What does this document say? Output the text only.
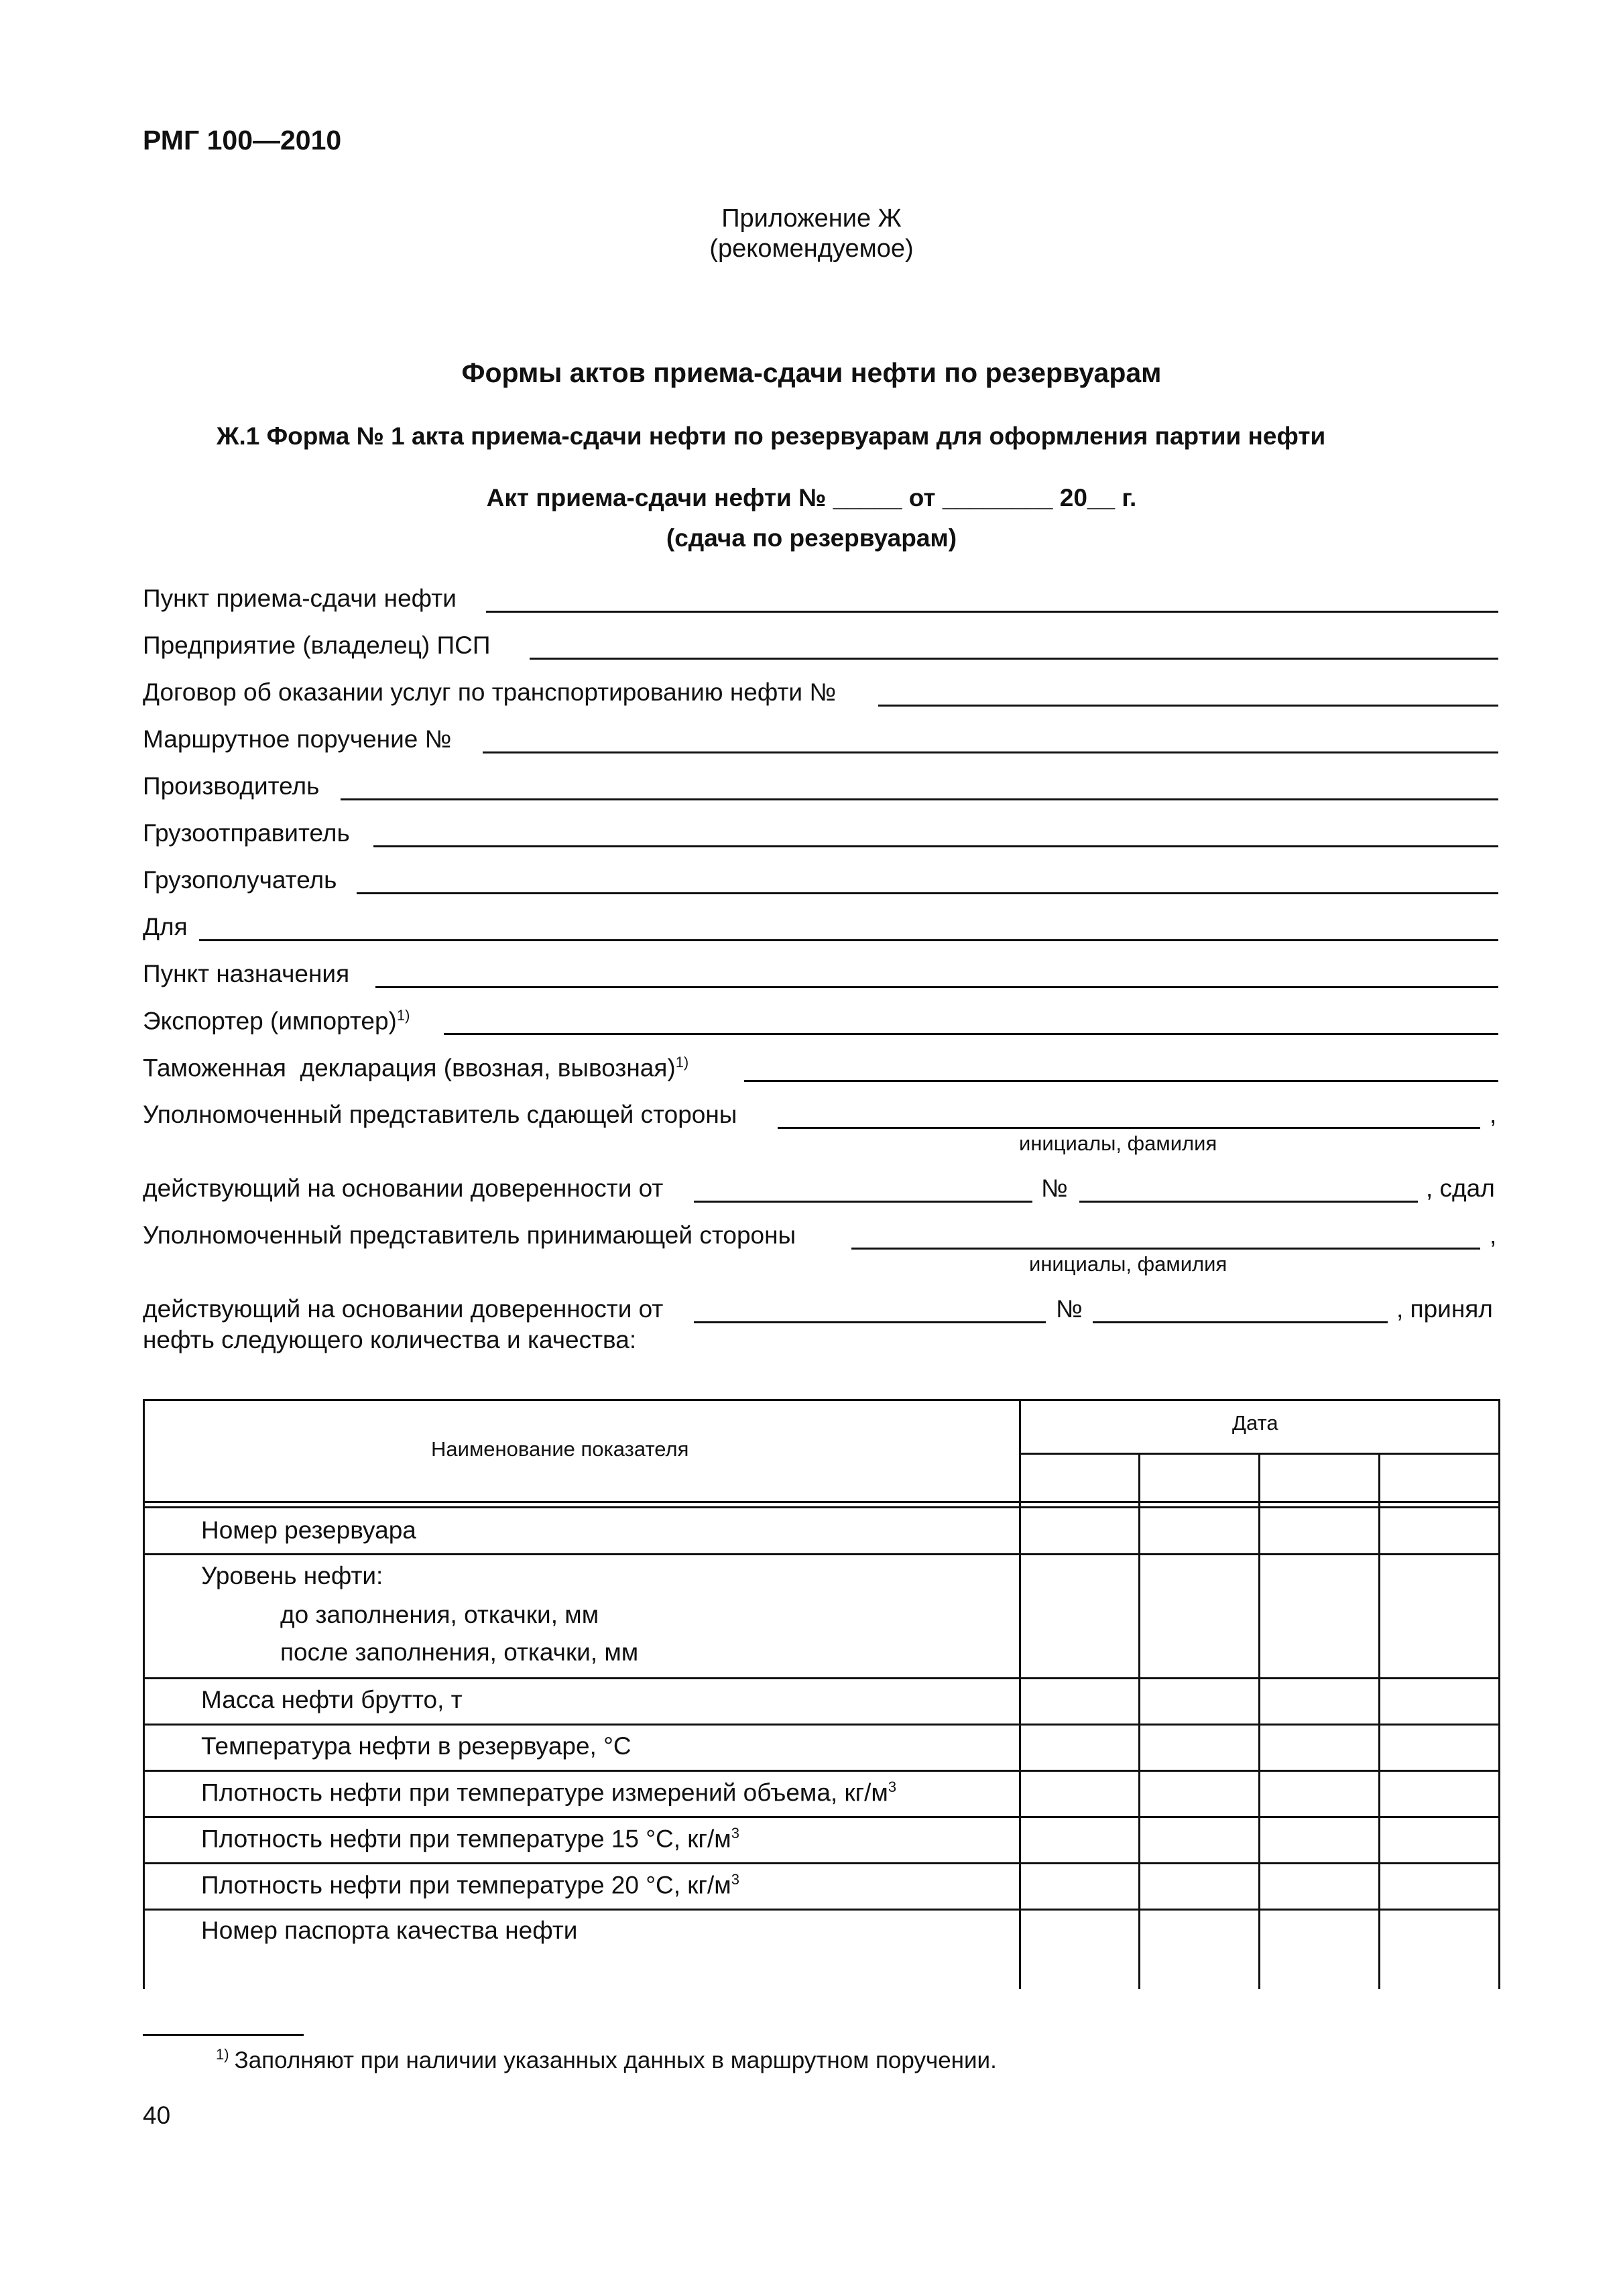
РМГ 100—2010
Приложение Ж
(рекомендуемое)
Формы актов приема-сдачи нефти по резервуарам
Ж.1 Форма № 1 акта приема-сдачи нефти по резервуарам для оформления партии нефти
Акт приема-сдачи нефти № _____ от ________ 20__ г.
(сдача по резервуарам)
Пункт приема-сдачи нефти
Предприятие (владелец) ПСП
Договор об оказании услуг по транспортированию нефти №
Маршрутное поручение №
Производитель
Грузоотправитель
Грузополучатель
Для
Пункт назначения
Экспортер (импортер)$^{1)}$
Таможенная  декларация (ввозная, вывозная)$^{1)}$
Уполномоченный представитель сдающей стороны	,
инициалы, фамилия
действующий на основании доверенности от	№	, сдал
Уполномоченный представитель принимающей стороны	,
инициалы, фамилия
действующий на основании доверенности от	№	, принял
нефть следующего количества и качества:
Наименование показателя
Дата
Номер резервуара
Уровень нефти:
до заполнения, откачки, мм
после заполнения, откачки, мм
Масса нефти брутто, т
Температура нефти в резервуаре, °С
Плотность нефти при температуре измерений объема, $кг/м^3$
Плотность нефти при температуре 15 °С, $кг/м^3$
Плотность нефти при температуре 20 °С, $кг/м^3$
Номер паспорта качества нефти
$^{1)}$ Заполняют при наличии указанных данных в маршрутном поручении.
40
